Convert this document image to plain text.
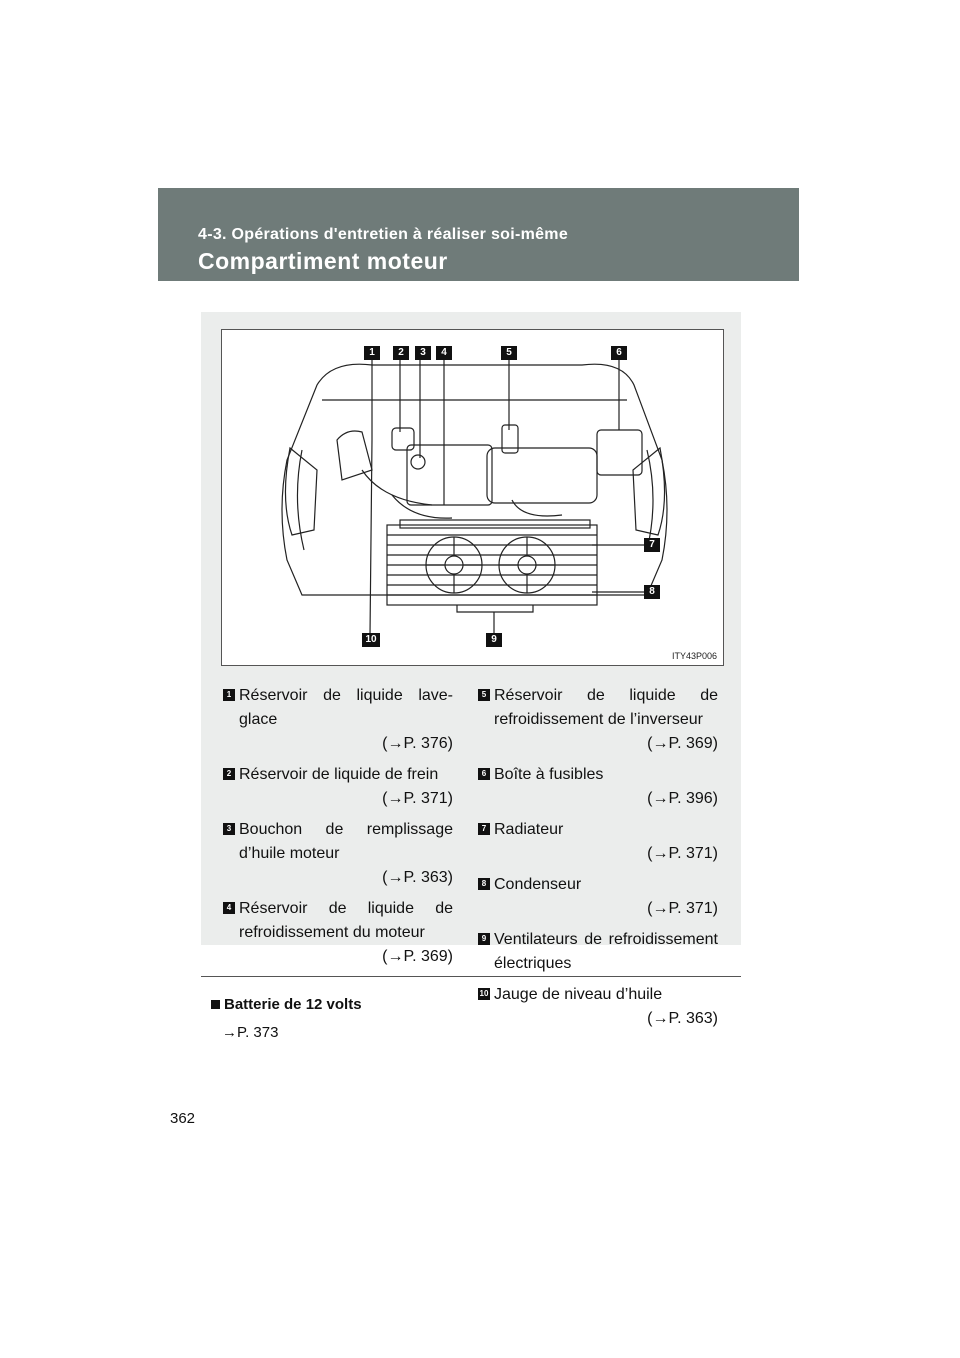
4-3. Opérations d'entretien à réaliser soi-même
Compartiment moteur
1	2	3	4	5	6
7
8
9
10
ITY43P006
1 Réservoir de liquide lave-glace
(→P. 376)
2 Réservoir de liquide de frein
(→P. 371)
3 Bouchon de remplissage d’huile moteur
(→P. 363)
4 Réservoir de liquide de refroidissement du moteur
(→P. 369)
5 Réservoir de liquide de refroidissement de l’inverseur
(→P. 369)
6 Boîte à fusibles
(→P. 396)
7 Radiateur
(→P. 371)
8 Condenseur
(→P. 371)
9 Ventilateurs de refroidissement électriques
10 Jauge de niveau d’huile
(→P. 363)
Batterie de 12 volts
→P. 373
362
